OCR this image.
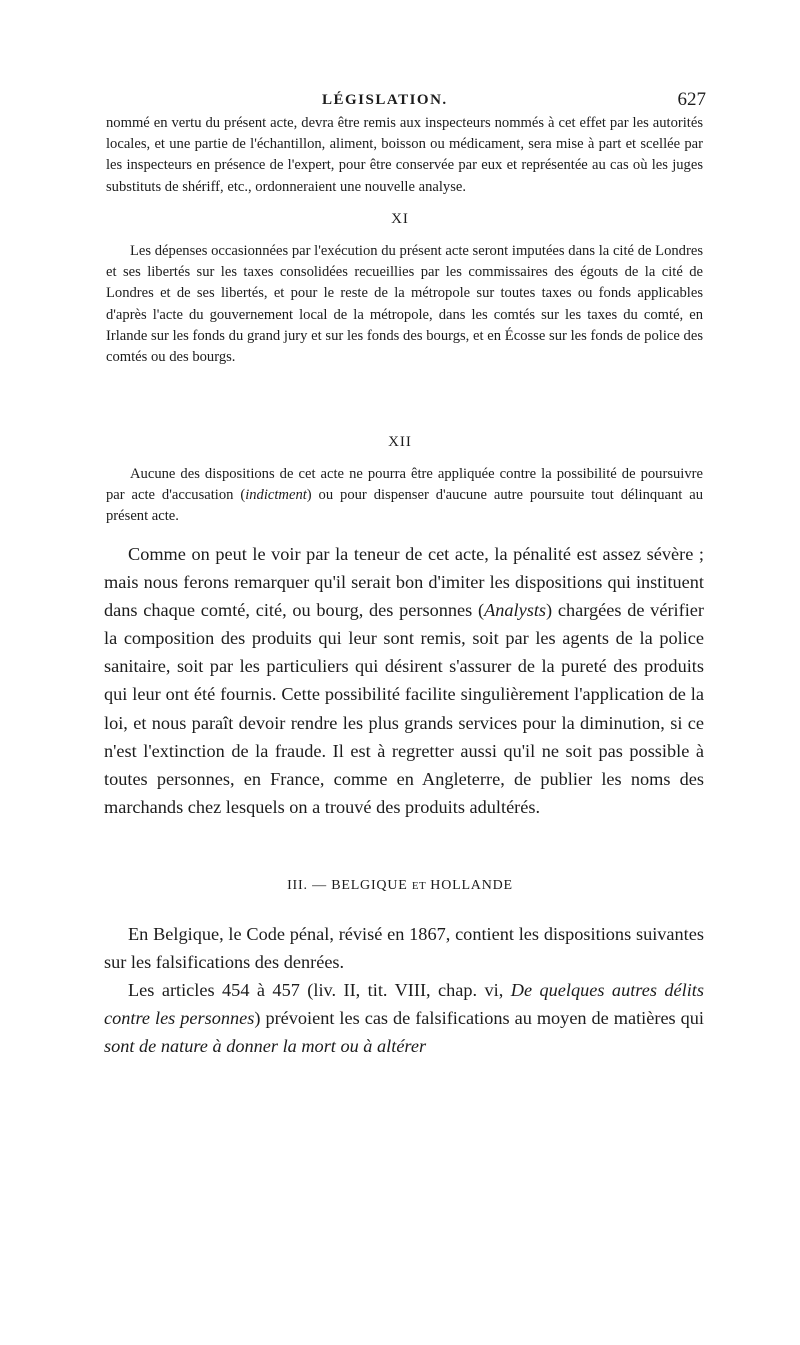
LÉGISLATION.	627

nommé en vertu du présent acte, devra être remis aux inspecteurs nommés à cet effet par les autorités locales, et une partie de l'échantillon, aliment, boisson ou médicament, sera mise à part et scellée par les inspecteurs en présence de l'expert, pour être conservée par eux et représentée au cas où les juges substituts de shériff, etc., ordonneraient une nouvelle analyse.

XI

Les dépenses occasionnées par l'exécution du présent acte seront imputées dans la cité de Londres et ses libertés sur les taxes consolidées recueillies par les commissaires des égouts de la cité de Londres et de ses libertés, et pour le reste de la métropole sur toutes taxes ou fonds applicables d'après l'acte du gouvernement local de la métropole, dans les comtés sur les taxes du comté, en Irlande sur les fonds du grand jury et sur les fonds des bourgs, et en Écosse sur les fonds de police des comtés ou des bourgs.

XII

Aucune des dispositions de cet acte ne pourra être appliquée contre la possibilité de poursuivre par acte d'accusation (indictment) ou pour dispenser d'aucune autre poursuite tout délinquant au présent acte.

Comme on peut le voir par la teneur de cet acte, la pénalité est assez sévère ; mais nous ferons remarquer qu'il serait bon d'imiter les dispositions qui instituent dans chaque comté, cité, ou bourg, des personnes (Analysts) chargées de vérifier la composition des produits qui leur sont remis, soit par les agents de la police sanitaire, soit par les particuliers qui désirent s'assurer de la pureté des produits qui leur ont été fournis. Cette possibilité facilite singulièrement l'application de la loi, et nous paraît devoir rendre les plus grands services pour la diminution, si ce n'est l'extinction de la fraude. Il est à regretter aussi qu'il ne soit pas possible à toutes personnes, en France, comme en Angleterre, de publier les noms des marchands chez lesquels on a trouvé des produits adultérés.

III. — BELGIQUE ET HOLLANDE

En Belgique, le Code pénal, révisé en 1867, contient les dispositions suivantes sur les falsifications des denrées.

Les articles 454 à 457 (liv. II, tit. VIII, chap. vi, De quelques autres délits contre les personnes) prévoient les cas de falsifications au moyen de matières qui sont de nature à donner la mort ou à altérer
